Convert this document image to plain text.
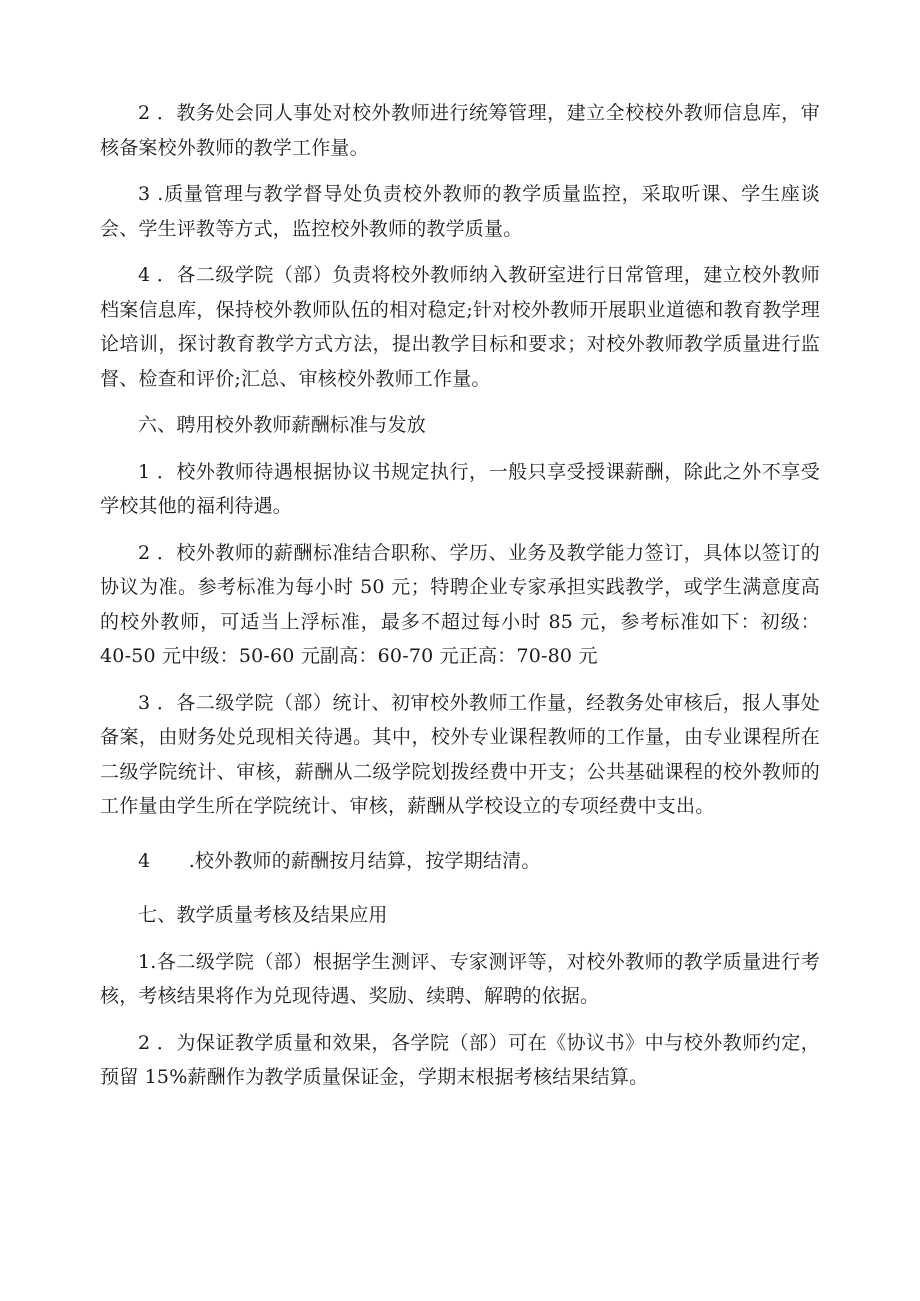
2 ．教务处会同人事处对校外教师进行统筹管理，建立全校校外教师信息库，审核备案校外教师的教学工作量。

3 .质量管理与教学督导处负责校外教师的教学质量监控，采取听课、学生座谈会、学生评教等方式，监控校外教师的教学质量。

4 ．各二级学院（部）负责将校外教师纳入教研室进行日常管理，建立校外教师档案信息库，保持校外教师队伍的相对稳定;针对校外教师开展职业道德和教育教学理论培训，探讨教育教学方式方法，提出教学目标和要求；对校外教师教学质量进行监督、检查和评价;汇总、审核校外教师工作量。

六、聘用校外教师薪酬标准与发放

1 ．校外教师待遇根据协议书规定执行，一般只享受授课薪酬，除此之外不享受学校其他的福利待遇。

2 ．校外教师的薪酬标准结合职称、学历、业务及教学能力签订，具体以签订的协议为准。参考标准为每小时 50 元；特聘企业专家承担实践教学，或学生满意度高的校外教师，可适当上浮标准，最多不超过每小时 85 元，参考标准如下：初级：40-50 元中级：50-60 元副高：60-70 元正高：70-80 元

3 ．各二级学院（部）统计、初审校外教师工作量，经教务处审核后，报人事处备案，由财务处兑现相关待遇。其中，校外专业课程教师的工作量，由专业课程所在二级学院统计、审核，薪酬从二级学院划拨经费中开支；公共基础课程的校外教师的工作量由学生所在学院统计、审核，薪酬从学校设立的专项经费中支出。

4　　.校外教师的薪酬按月结算，按学期结清。

七、教学质量考核及结果应用

1.各二级学院（部）根据学生测评、专家测评等，对校外教师的教学质量进行考核，考核结果将作为兑现待遇、奖励、续聘、解聘的依据。

2 ．为保证教学质量和效果，各学院（部）可在《协议书》中与校外教师约定，预留 15%薪酬作为教学质量保证金，学期末根据考核结果结算。
